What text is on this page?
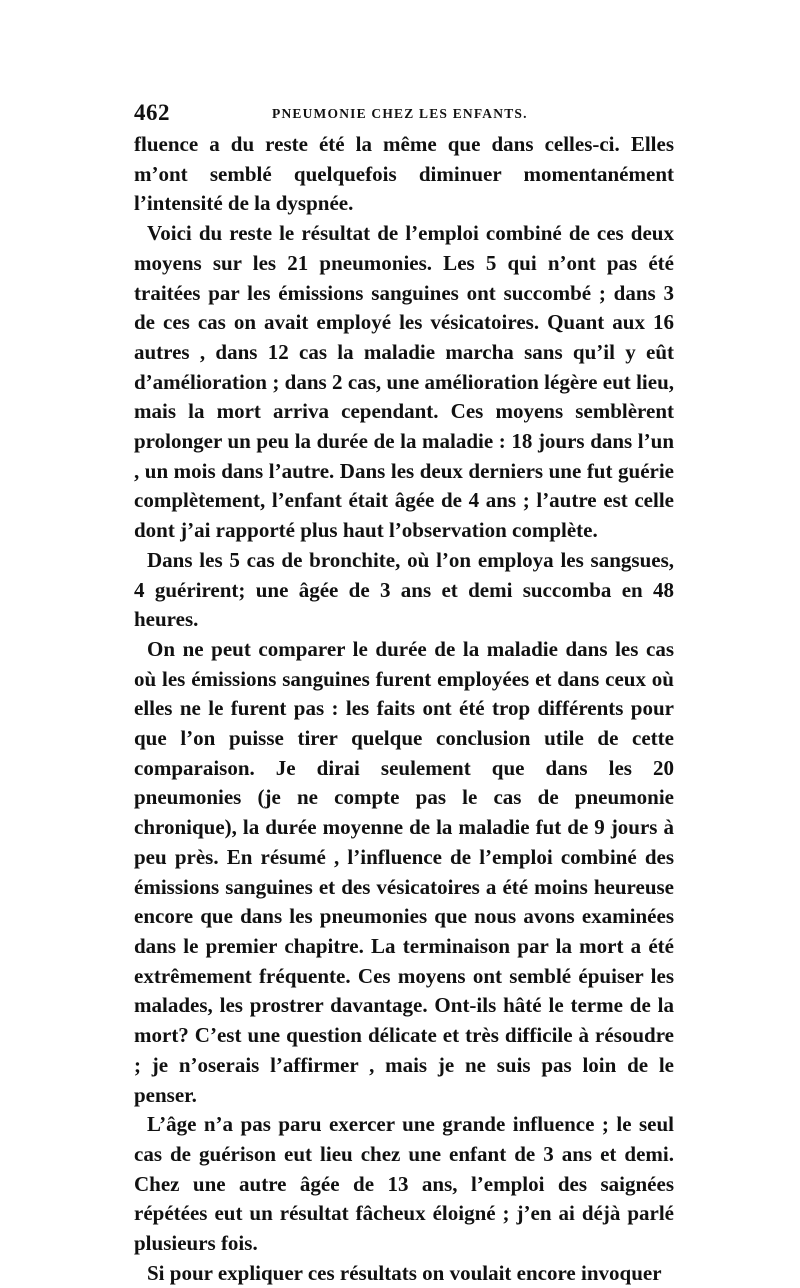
462	PNEUMONIE CHEZ LES ENFANTS.

fluence a du reste été la même que dans celles-ci. Elles m’ont semblé quelquefois diminuer momentanément l’intensité de la dyspnée.

Voici du reste le résultat de l’emploi combiné de ces deux moyens sur les 21 pneumonies. Les 5 qui n’ont pas été traitées par les émissions sanguines ont succombé ; dans 3 de ces cas on avait employé les vésicatoires. Quant aux 16 autres , dans 12 cas la maladie marcha sans qu’il y eût d’amélioration ; dans 2 cas, une amélioration légère eut lieu, mais la mort arriva cependant. Ces moyens semblèrent prolonger un peu la durée de la maladie : 18 jours dans l’un , un mois dans l’autre. Dans les deux derniers une fut guérie complètement, l’enfant était âgée de 4 ans ; l’autre est celle dont j’ai rapporté plus haut l’observation complète.

Dans les 5 cas de bronchite, où l’on employa les sangsues, 4 guérirent; une âgée de 3 ans et demi succomba en 48 heures.

On ne peut comparer le durée de la maladie dans les cas où les émissions sanguines furent employées et dans ceux où elles ne le furent pas : les faits ont été trop différents pour que l’on puisse tirer quelque conclusion utile de cette comparaison. Je dirai seulement que dans les 20 pneumonies (je ne compte pas le cas de pneumonie chronique), la durée moyenne de la maladie fut de 9 jours à peu près. En résumé , l’influence de l’emploi combiné des émissions sanguines et des vésicatoires a été moins heureuse encore que dans les pneumonies que nous avons examinées dans le premier chapitre. La terminaison par la mort a été extrêmement fréquente. Ces moyens ont semblé épuiser les malades, les prostrer davantage. Ont-ils hâté le terme de la mort? C’est une question délicate et très difficile à résoudre ; je n’oserais l’affirmer , mais je ne suis pas loin de le penser.

L’âge n’a pas paru exercer une grande influence ; le seul cas de guérison eut lieu chez une enfant de 3 ans et demi. Chez une autre âgée de 13 ans, l’emploi des saignées répétées eut un résultat fâcheux éloigné ; j’en ai déjà parlé plusieurs fois.

Si pour expliquer ces résultats on voulait encore invoquer
